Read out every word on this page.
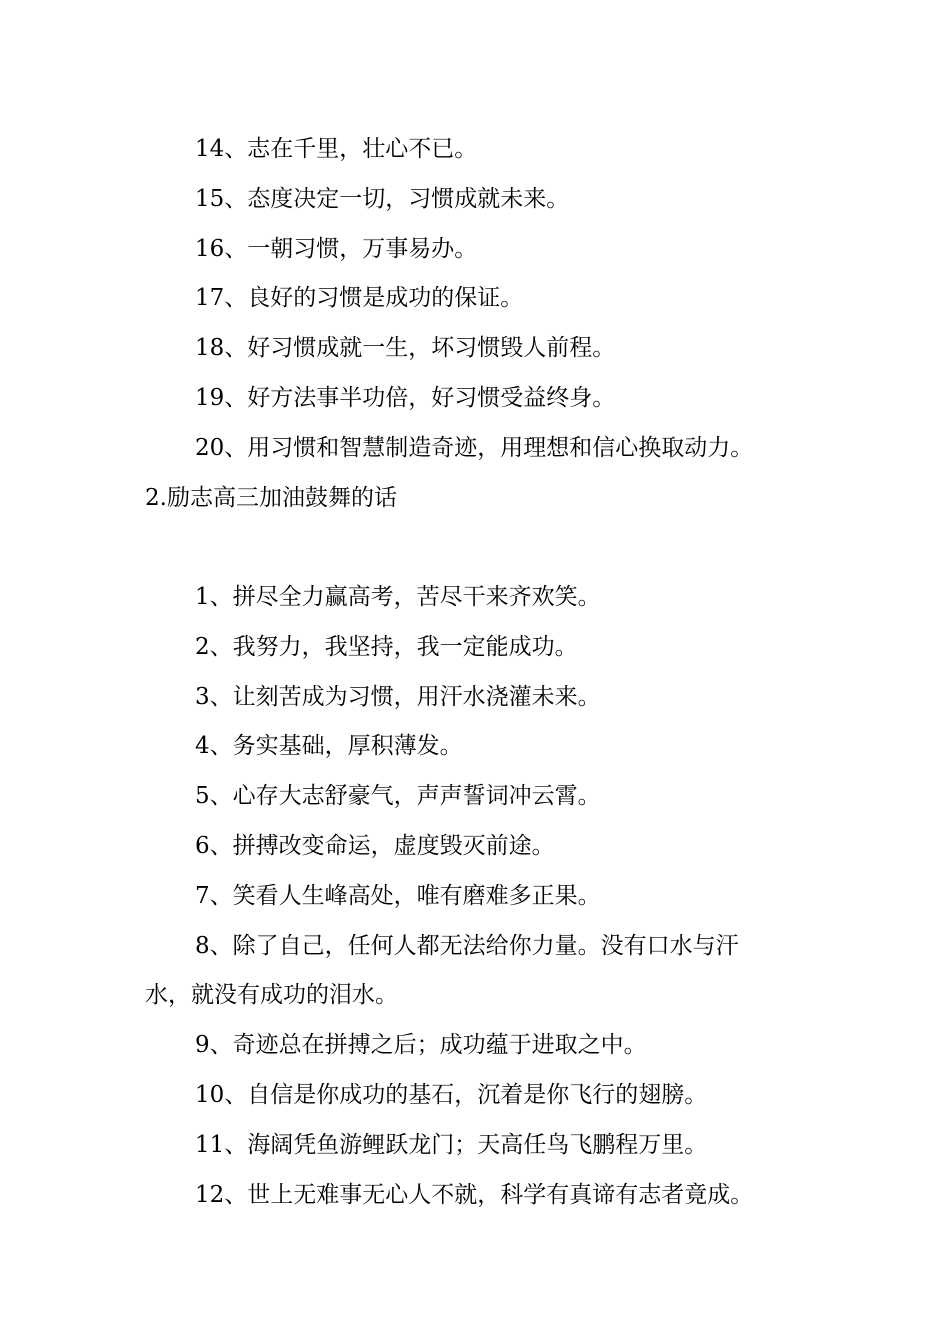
14、志在千里，壮心不已。
15、态度决定一切，习惯成就未来。
16、一朝习惯，万事易办。
17、良好的习惯是成功的保证。
18、好习惯成就一生，坏习惯毁人前程。
19、好方法事半功倍，好习惯受益终身。
20、用习惯和智慧制造奇迹，用理想和信心换取动力。
2.励志高三加油鼓舞的话
1、拼尽全力赢高考，苦尽干来齐欢笑。
2、我努力，我坚持，我一定能成功。
3、让刻苦成为习惯，用汗水浇灌未来。
4、务实基础，厚积薄发。
5、心存大志舒豪气，声声誓词冲云霄。
6、拼搏改变命运，虚度毁灭前途。
7、笑看人生峰高处，唯有磨难多正果。
8、除了自己，任何人都无法给你力量。没有口水与汗
水，就没有成功的泪水。
9、奇迹总在拼搏之后；成功蕴于进取之中。
10、自信是你成功的基石，沉着是你飞行的翅膀。
11、海阔凭鱼游鲤跃龙门；天高任鸟飞鹏程万里。
12、世上无难事无心人不就，科学有真谛有志者竟成。
